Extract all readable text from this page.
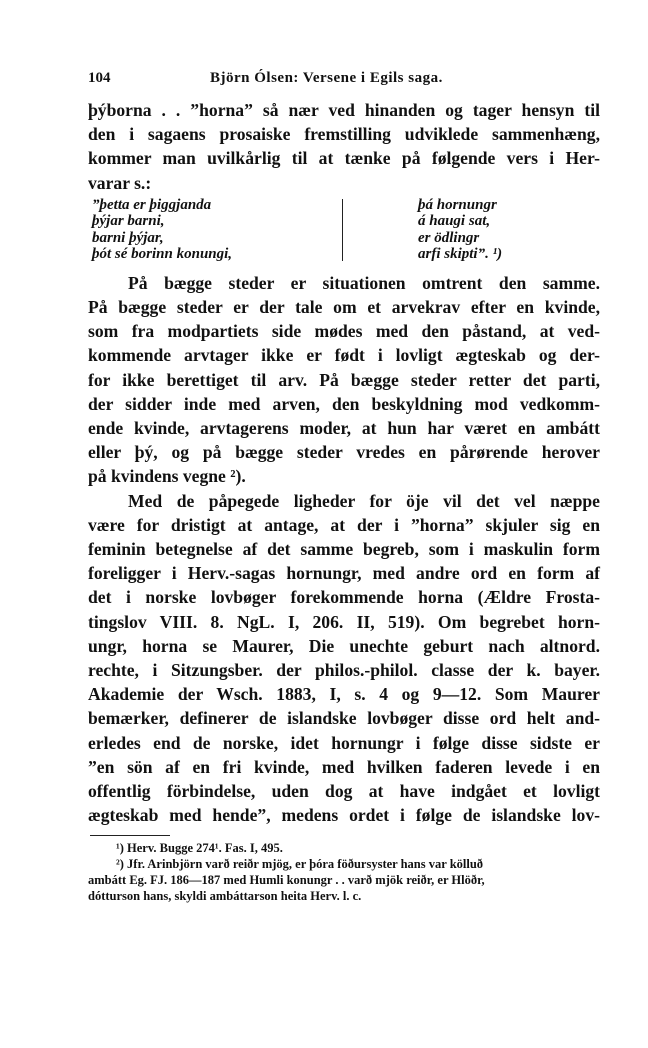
104	Björn Ólsen: Versene i Egils saga.

þýborna . . ”horna” så nær ved hinanden og tager hensyn til
den i sagaens prosaiske fremstilling udviklede sammenhæng,
kommer man uvilkårlig til at tænke på følgende vers i Her-
varar s.:

”þetta er þiggjanda
þýjar barni,
barni þýjar,
þót sé borinn konungi,
þá hornungr
á haugi sat,
er ödlingr
arfi skipti”. ¹)

På bægge steder er situationen omtrent den samme.
På bægge steder er der tale om et arvekrav efter en kvinde,
som fra modpartiets side mødes med den påstand, at ved-
kommende arvtager ikke er født i lovligt ægteskab og der-
for ikke berettiget til arv. På bægge steder retter det parti,
der sidder inde med arven, den beskyldning mod vedkomm-
ende kvinde, arvtagerens moder, at hun har været en ambátt
eller þý, og på bægge steder vredes en pårørende herover
på kvindens vegne ²).

Med de påpegede ligheder for öje vil det vel næppe
være for dristigt at antage, at der i ”horna” skjuler sig en
feminin betegnelse af det samme begreb, som i maskulin form
foreligger i Herv.-sagas hornungr, med andre ord en form af
det i norske lovbøger forekommende horna (Ældre Frosta-
tingslov VIII. 8. NgL. I, 206. II, 519). Om begrebet horn-
ungr, horna se Maurer, Die unechte geburt nach altnord.
rechte, i Sitzungsber. der philos.-philol. classe der k. bayer.
Akademie der Wsch. 1883, I, s. 4 og 9—12. Som Maurer
bemærker, definerer de islandske lovbøger disse ord helt and-
erledes end de norske, idet hornungr i følge disse sidste er
”en sön af en fri kvinde, med hvilken faderen levede i en
offentlig förbindelse, uden dog at have indgået et lovligt
ægteskab med hende”, medens ordet i følge de islandske lov-

¹) Herv. Bugge 274¹. Fas. I, 495.
²) Jfr. Arinbjörn varð reiðr mjög, er þóra föðursyster hans var kölluð
ambátt Eg. FJ. 186—187 med Humli konungr . . varð mjök reiðr, er Hlöðr,
dótturson hans, skyldi ambáttarson heita Herv. l. c.
